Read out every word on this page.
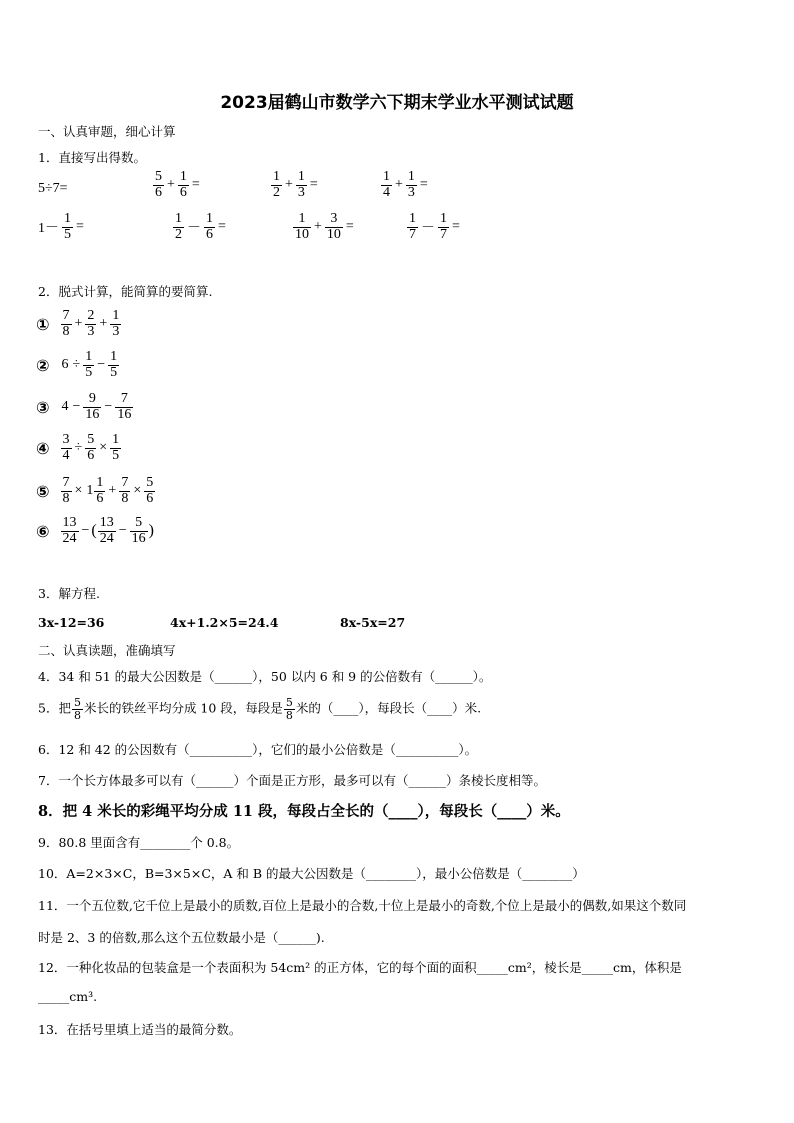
2023届鹤山市数学六下期末学业水平测试试题
一、认真审题，细心计算
1．直接写出得数。
5÷7=	$\frac{5}{6} + \frac{1}{6}$ =	$\frac{1}{2} + \frac{1}{3}$ =	$\frac{1}{4} + \frac{1}{3}$ =
$1- \frac{1}{5}$ =	$\frac{1}{2} - \frac{1}{6}$ =	$\frac{1}{10} + \frac{3}{10}$ =	$\frac{1}{7} - \frac{1}{7}$ =
2．脱式计算，能简算的要简算.
① $\frac{7}{8} + \frac{2}{3} + \frac{1}{3}$
② $6 \div \frac{1}{5} - \frac{1}{5}$
③ $4 - \frac{9}{16} - \frac{7}{16}$
④ $\frac{3}{4} \div \frac{5}{6} \times \frac{1}{5}$
⑤ $\frac{7}{8} \times 1 \frac{1}{6} + \frac{7}{8} \times \frac{5}{6}$
⑥ $\frac{13}{24}$ − ( $\frac{13}{24} - \frac{5}{16}$ )
3．解方程.
3x-12=36	4x+1.2×5=24.4	8x-5x=27
二、认真读题，准确填写
4．34 和 51 的最大公因数是（______），50 以内 6 和 9 的公倍数有（______）。
5．把 $\frac{5}{8}$ 米长的铁丝平均分成 10 段，每段是 $\frac{5}{8}$ 米的（____），每段长（____）米.
6．12 和 42 的公因数有（__________），它们的最小公倍数是（__________）。
7．一个长方体最多可以有（______）个面是正方形，最多可以有（______）条棱长度相等。
8．把 4 米长的彩绳平均分成 11 段，每段占全长的（____），每段长（____）米。
9．80.8 里面含有________个 0.8。
10．A=2×3×C，B=3×5×C，A 和 B 的最大公因数是（________），最小公倍数是（________）
11．一个五位数,它千位上是最小的质数,百位上是最小的合数,十位上是最小的奇数,个位上是最小的偶数,如果这个数同
时是 2、3 的倍数,那么这个五位数最小是（______).
12．一种化妆品的包装盒是一个表面积为 54cm² 的正方体，它的每个面的面积_____cm²，棱长是_____cm，体积是
_____cm³.
13．在括号里填上适当的最简分数。
